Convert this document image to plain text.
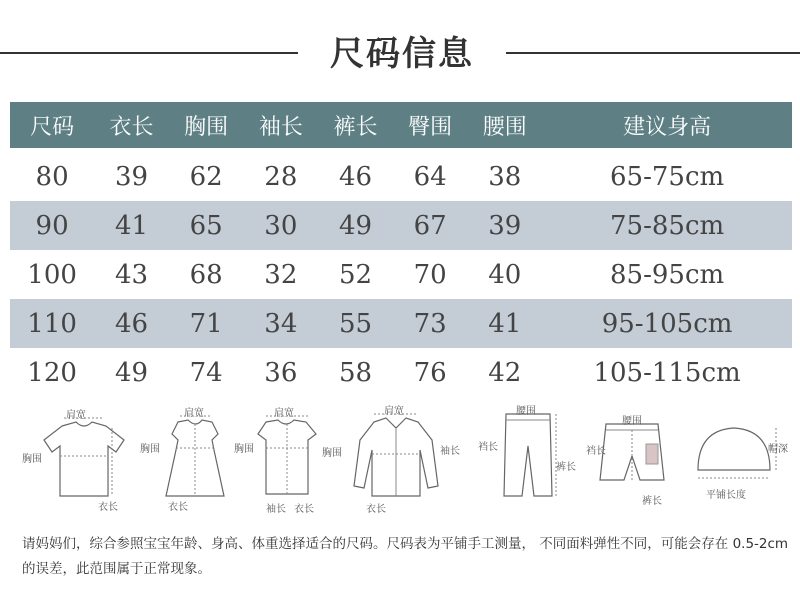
尺码信息
尺码	衣长	胸围	袖长	裤长	臀围	腰围	建议身高

80	39	62	28	46	64	38	65-75cm
90	41	65	30	49	67	39	75-85cm
100	43	68	32	52	70	40	85-95cm
110	46	71	34	55	73	41	95-105cm
120	49	74	36	58	76	42	105-115cm
肩宽
胸围
衣长
肩宽
胸围
衣长
肩宽
胸围
袖长 衣长
肩宽
胸围	袖长
衣长
腰围
裆长
裤长
腰围
裆长
裤长
帽深
平铺长度
请妈妈们，综合参照宝宝年龄、身高、体重选择适合的尺码。尺码表为平铺手工测量， 不同面料弹性不同，可能会存在 0.5-2cm 的误差，此范围属于正常现象。
